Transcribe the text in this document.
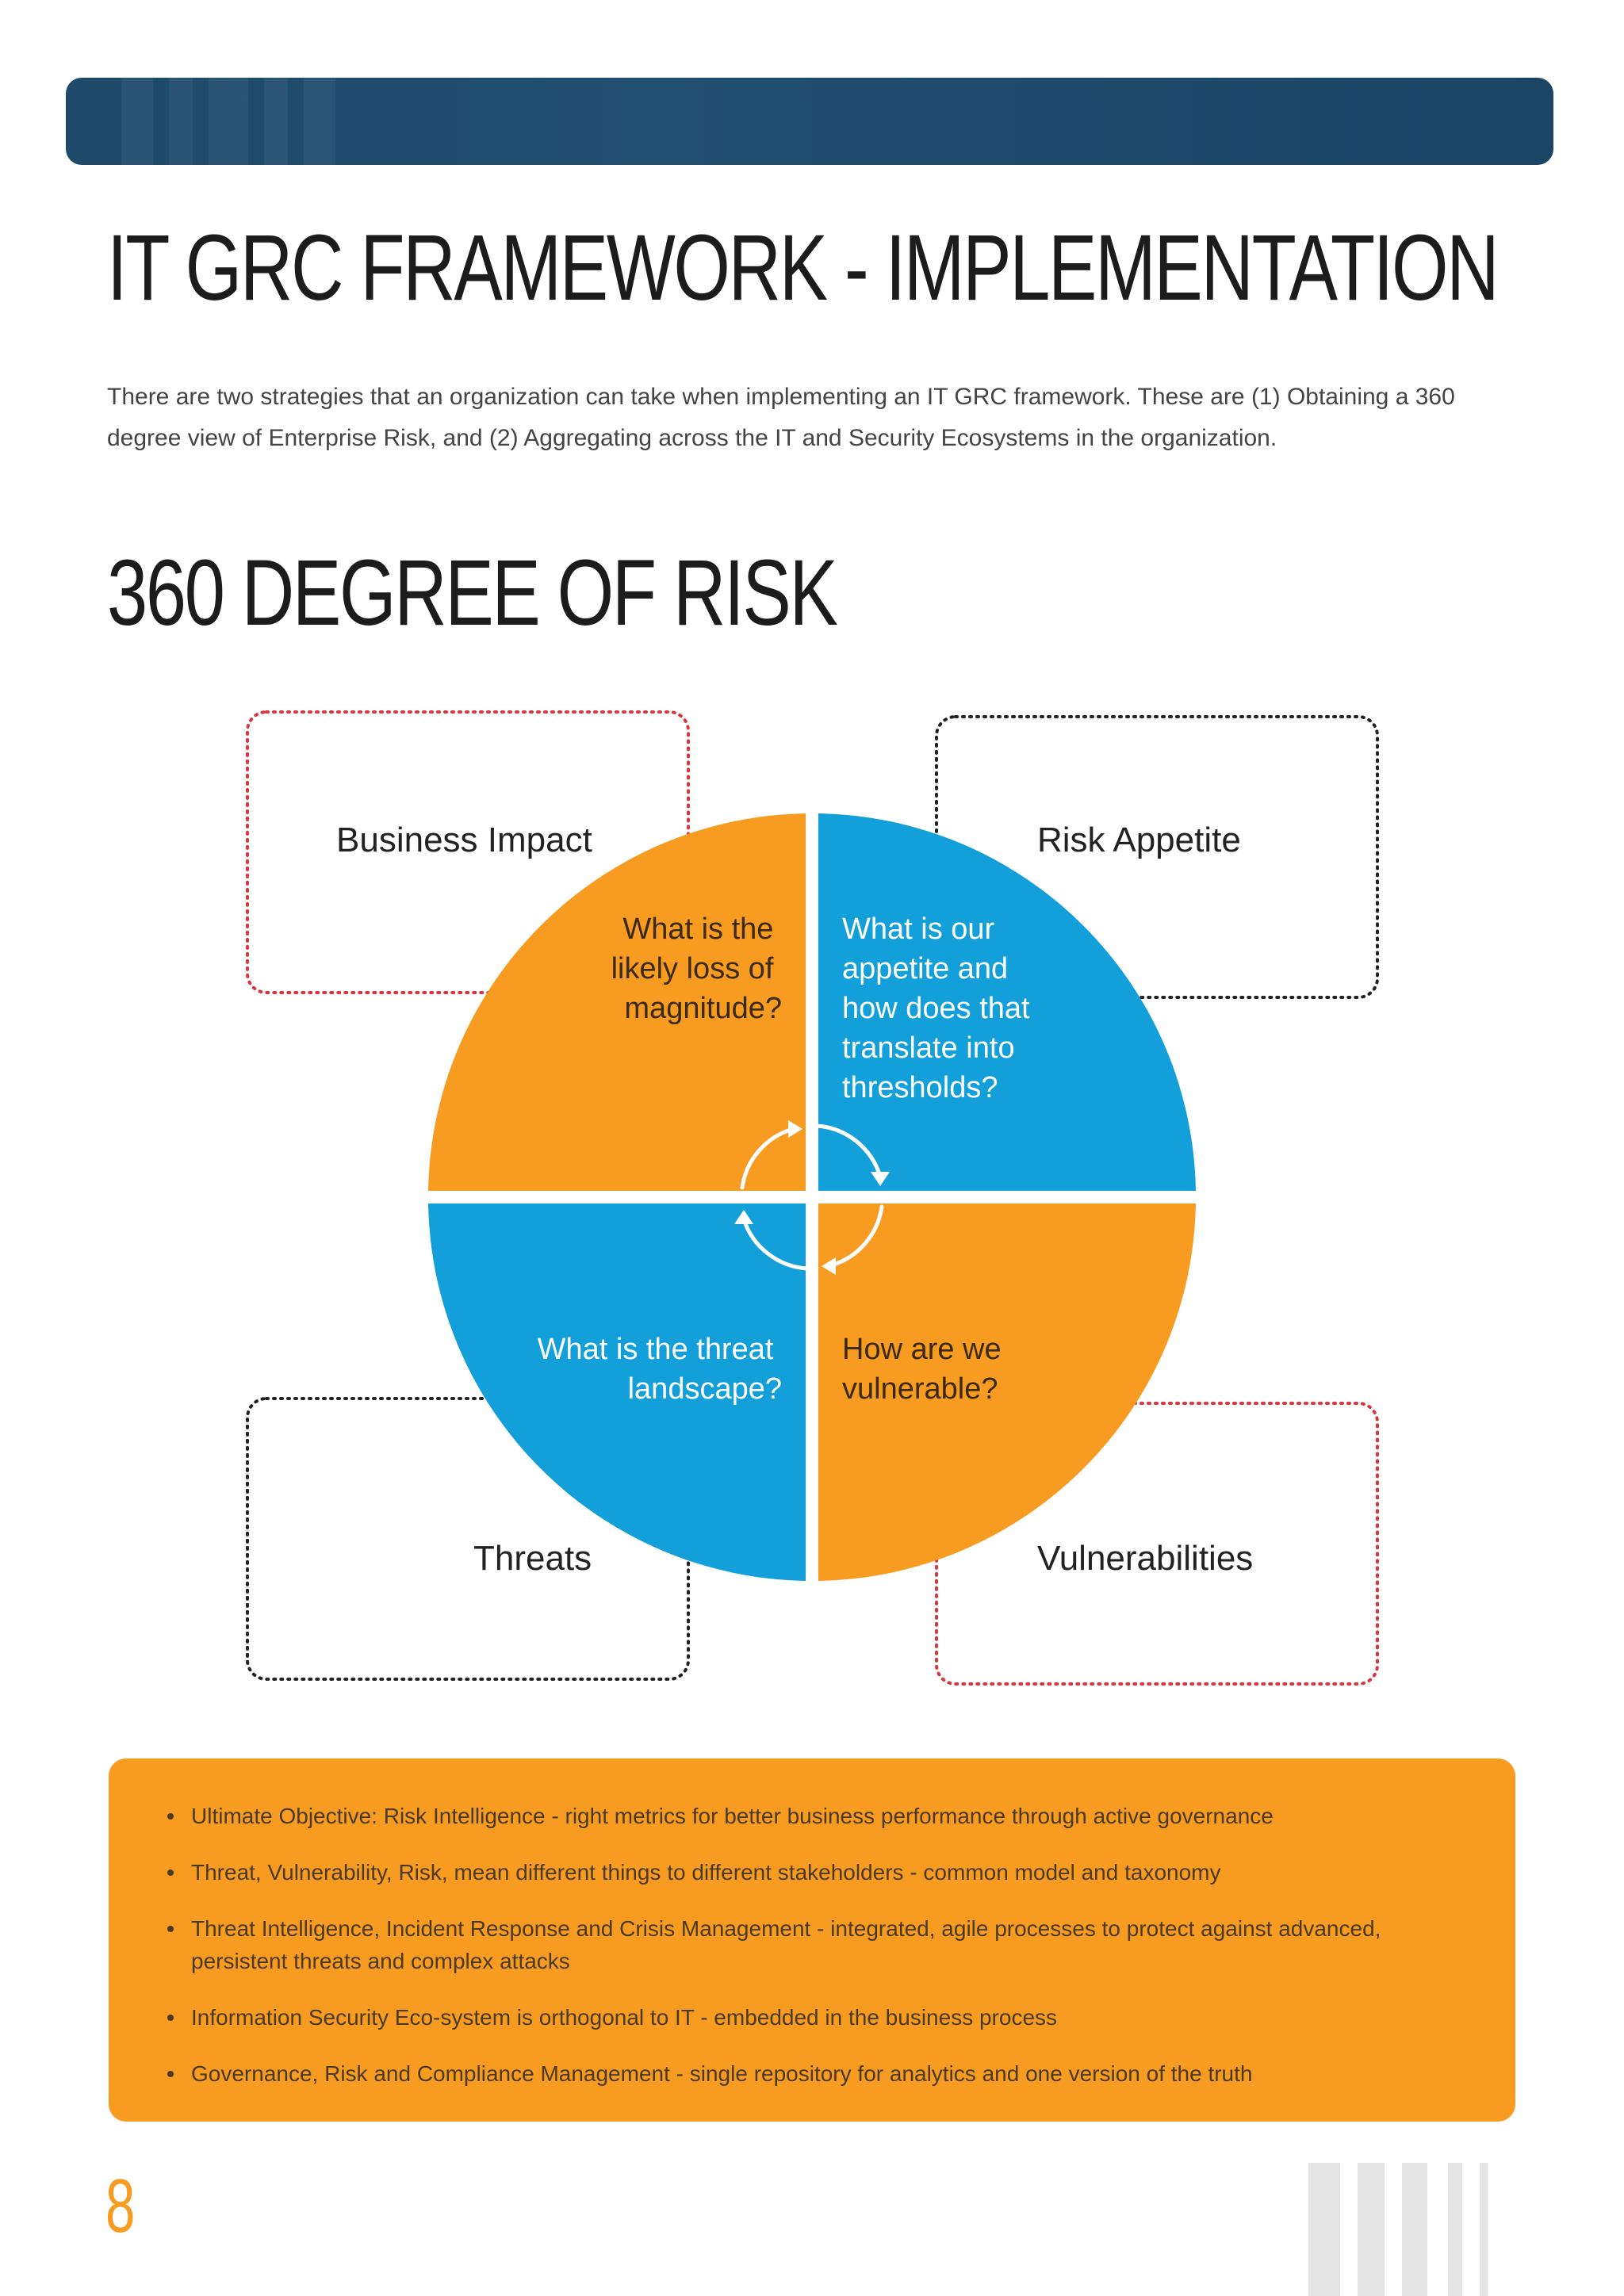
IT GRC FRAMEWORK - IMPLEMENTATION

There are two strategies that an organization can take when implementing an IT GRC framework. These are (1) Obtaining a 360 degree view of Enterprise Risk, and (2) Aggregating across the IT and Security Ecosystems in the organization.

360 DEGREE OF RISK
Business Impact	Risk Appetite
Threats	Vulnerabilities
What is the likely loss of magnitude?
What is our appetite and how does that translate into thresholds?
What is the threat landscape?
How are we vulnerable?
Ultimate Objective: Risk Intelligence - right metrics for better business performance through active governance
Threat, Vulnerability, Risk, mean different things to different stakeholders - common model and taxonomy
Threat Intelligence, Incident Response and Crisis Management - integrated, agile processes to protect against advanced, persistent threats and complex attacks
Information Security Eco-system is orthogonal to IT - embedded in the business process
Governance, Risk and Compliance Management - single repository for analytics and one version of the truth
8
